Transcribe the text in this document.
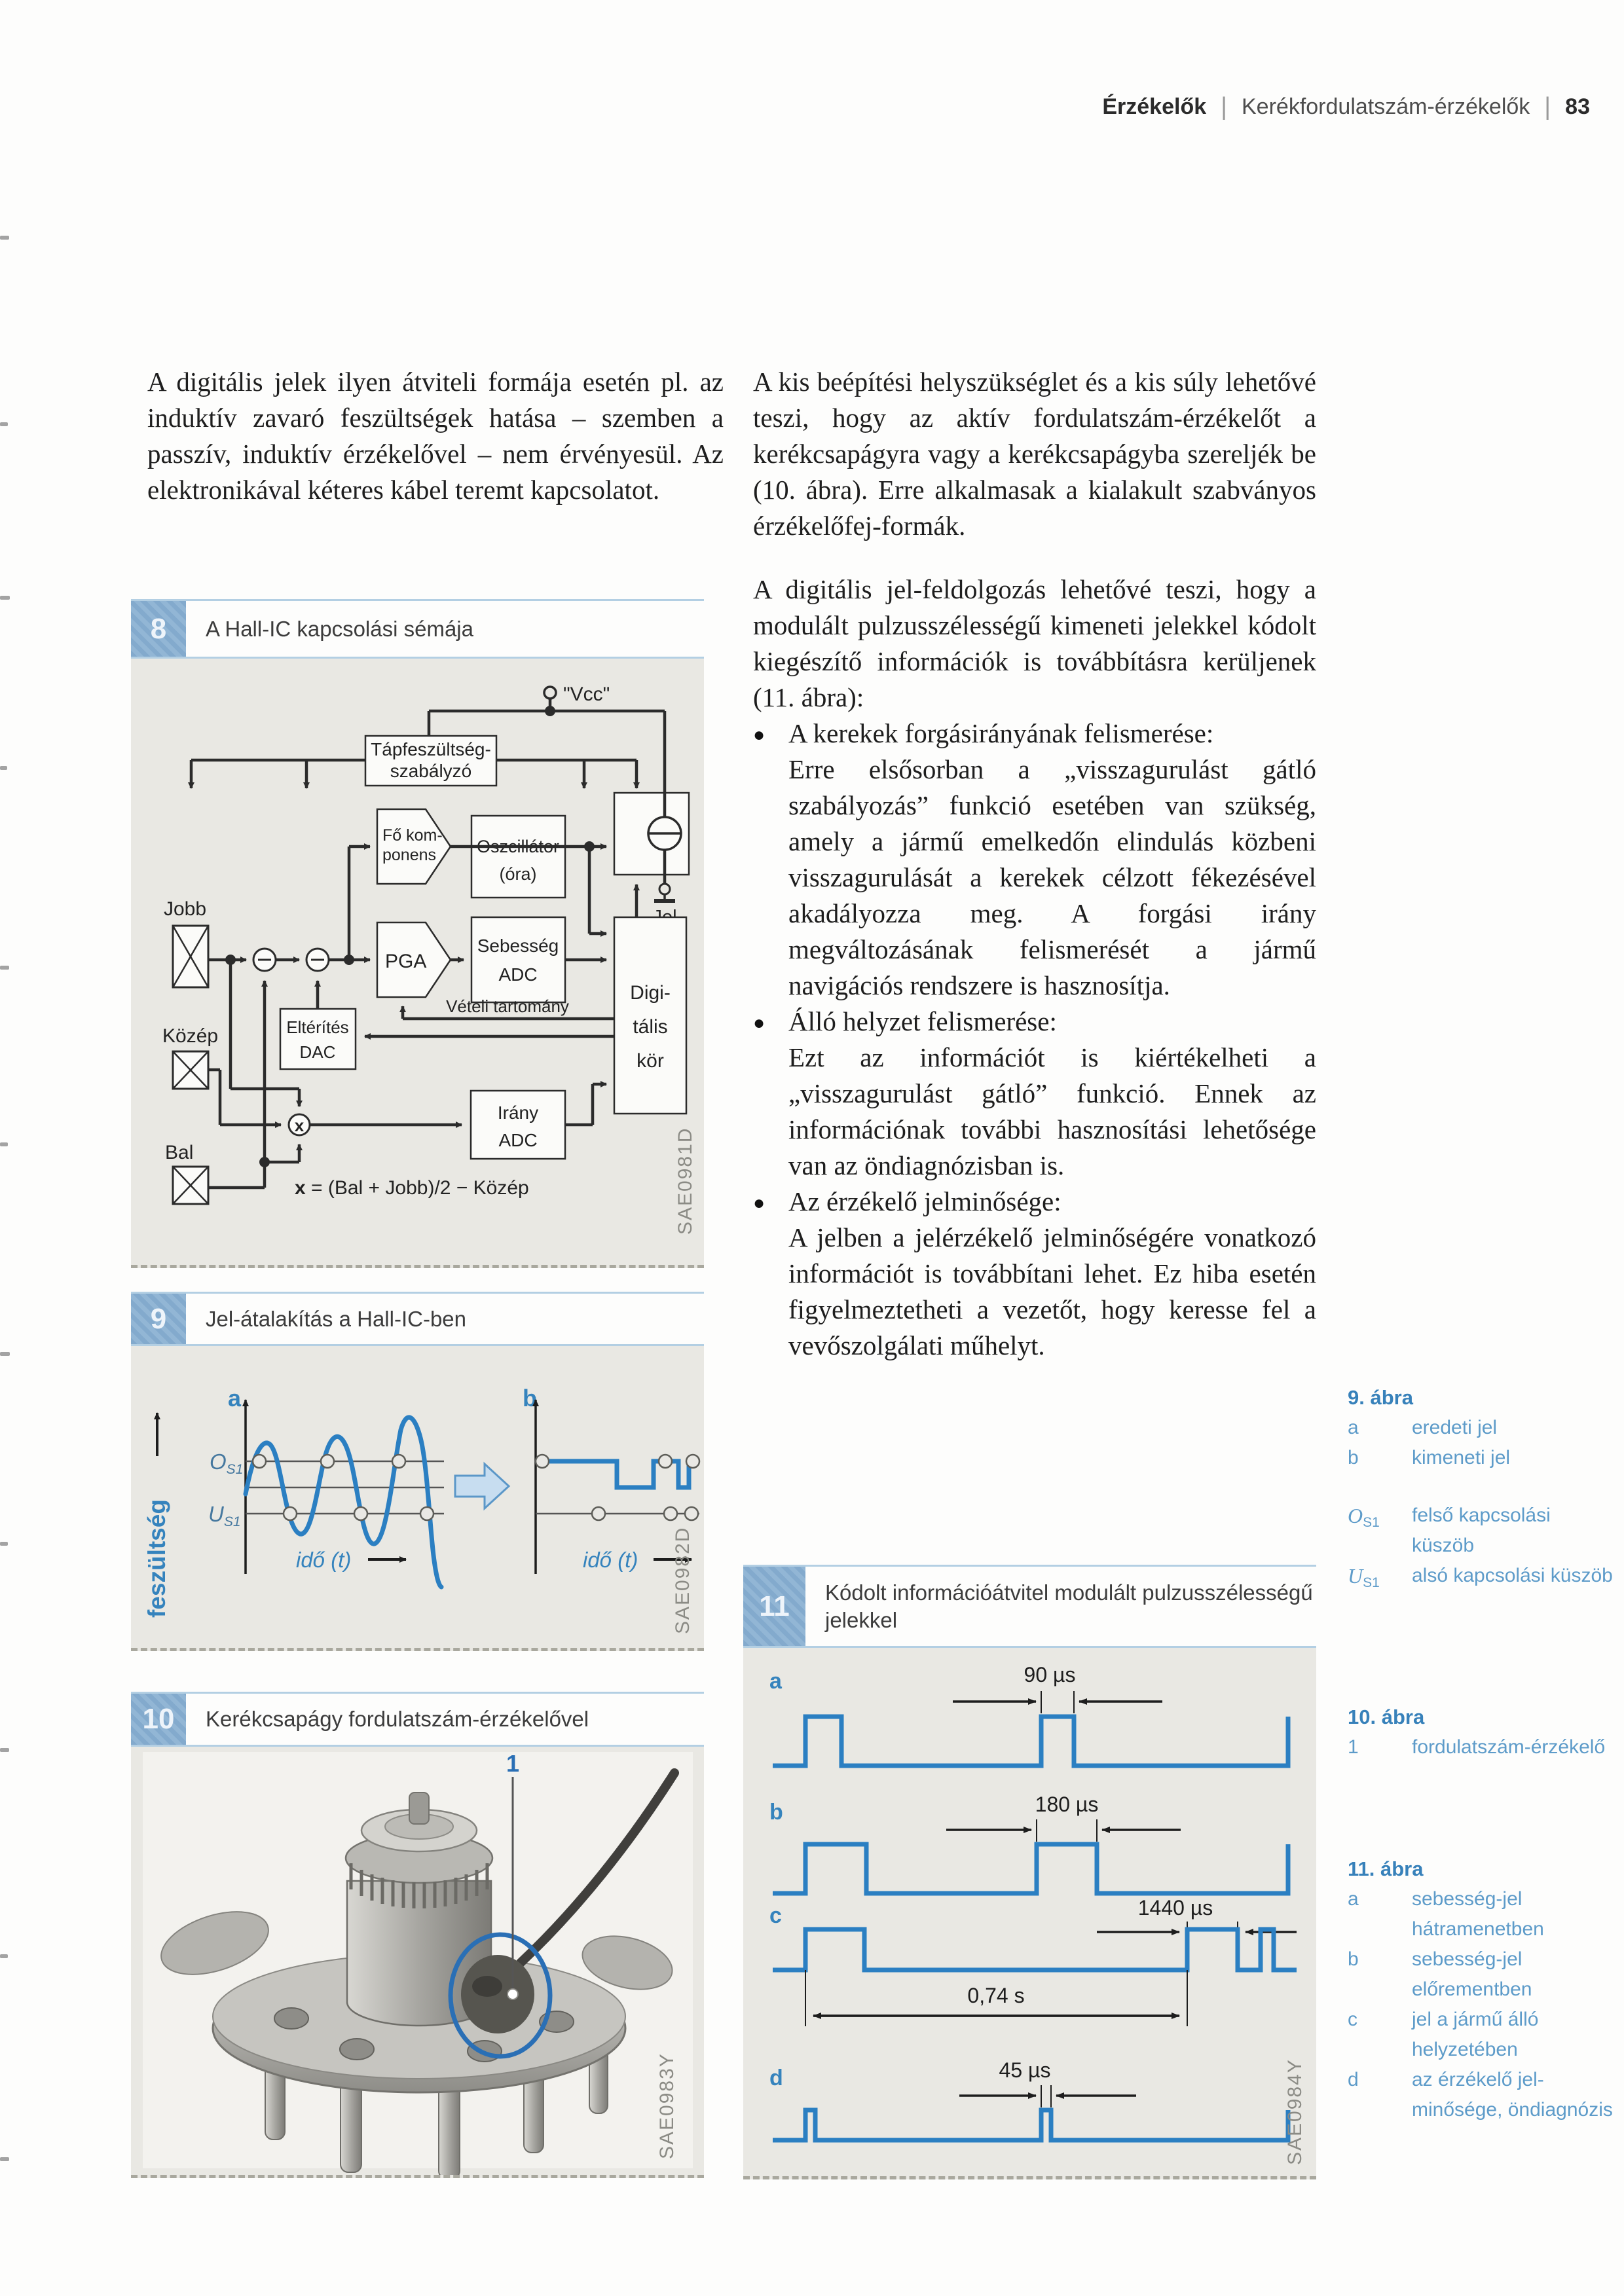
Érzékelők | Kerékfordulatszám-érzékelők | 83

A digitális jelek ilyen átviteli formája esetén pl. az induktív zavaró feszültségek hatása – szemben a passzív, induktív érzékelővel – nem érvényesül. Az elektronikával kéteres kábel teremt kapcsolatot.

A kis beépítési helyszükséglet és a kis súly lehetővé teszi, hogy az aktív fordulatszám-érzékelőt a kerékcsapágyra vagy a kerékcsapágyba szereljék be (10. ábra). Erre alkalmasak a kialakult szabványos érzékelőfej-formák.

A digitális jel-feldolgozás lehetővé teszi, hogy a modulált pulzusszélességű kimeneti jelekkel kódolt kiegészítő információk is továbbításra kerüljenek (11. ábra):

● A kerekek forgásirányának felismerése:
Erre elsősorban a „visszagurulást gátló szabályozás” funkció esetében van szükség, amely a jármű emelkedőn elindulás közbeni visszagurulását a kerekek célzott fékezésével akadályozza meg. A forgási irány megváltozásának felismerését a jármű navigációs rendszere is hasznosítja.
● Álló helyzet felismerése:
Ezt az információt is kiértékelheti a „visszagurulást gátló” funkció. Ennek az információnak további hasznosítási lehetősége van az öndiagnózisban is.
● Az érzékelő jelminősége:
A jelben a jelérzékelő jelminőségére vonatkozó információt is továbbítani lehet. Ez hiba esetén figyelmeztetheti a vezetőt, hogy keresse fel a vevőszolgálati műhelyt.
8	A Hall-IC kapcsolási sémája
Tápfeszültség-
szabályzó
"Vcc"
Fő kom-
ponens Oszcillátor
(óra)
Digi-
tális
kör
Jobb
PGA
Sebesség
ADC
Vételi tartomány
Eltérítés
DAC
Közép
Bal
x
Irány
ADC
x = (Bal + Jobb)/2 − Közép	SAE0981D
9	Jel-átalakítás a Hall-IC-ben
feszültség
a
$O_{S1}$
$U_{S1}$
idő (t)
b
idő (t) SAE0982D
10	Kerékcsapágy fordulatszám-érzékelővel
1
SAE0983Y
11	Kódolt információátvitel modulált pulzusszélességű
jelekkel
a	90 µs
b	180 µs
c	1440 µs
0,74 s
d	45 µs	SAE0984Y
9. ábra
a	eredeti jel
b	kimeneti jel
$O_{S1}$	felső kapcsolási küszöb
$U_{S1}$	alsó kapcsolási küszöb
10. ábra
1	fordulatszám-érzékelő
11. ábra
a	sebesség-jel hátramenetben
b	sebesség-jel előrementben
c	jel a jármű álló helyzetében
d	az érzékelő jel-minősége, öndiagnózis
